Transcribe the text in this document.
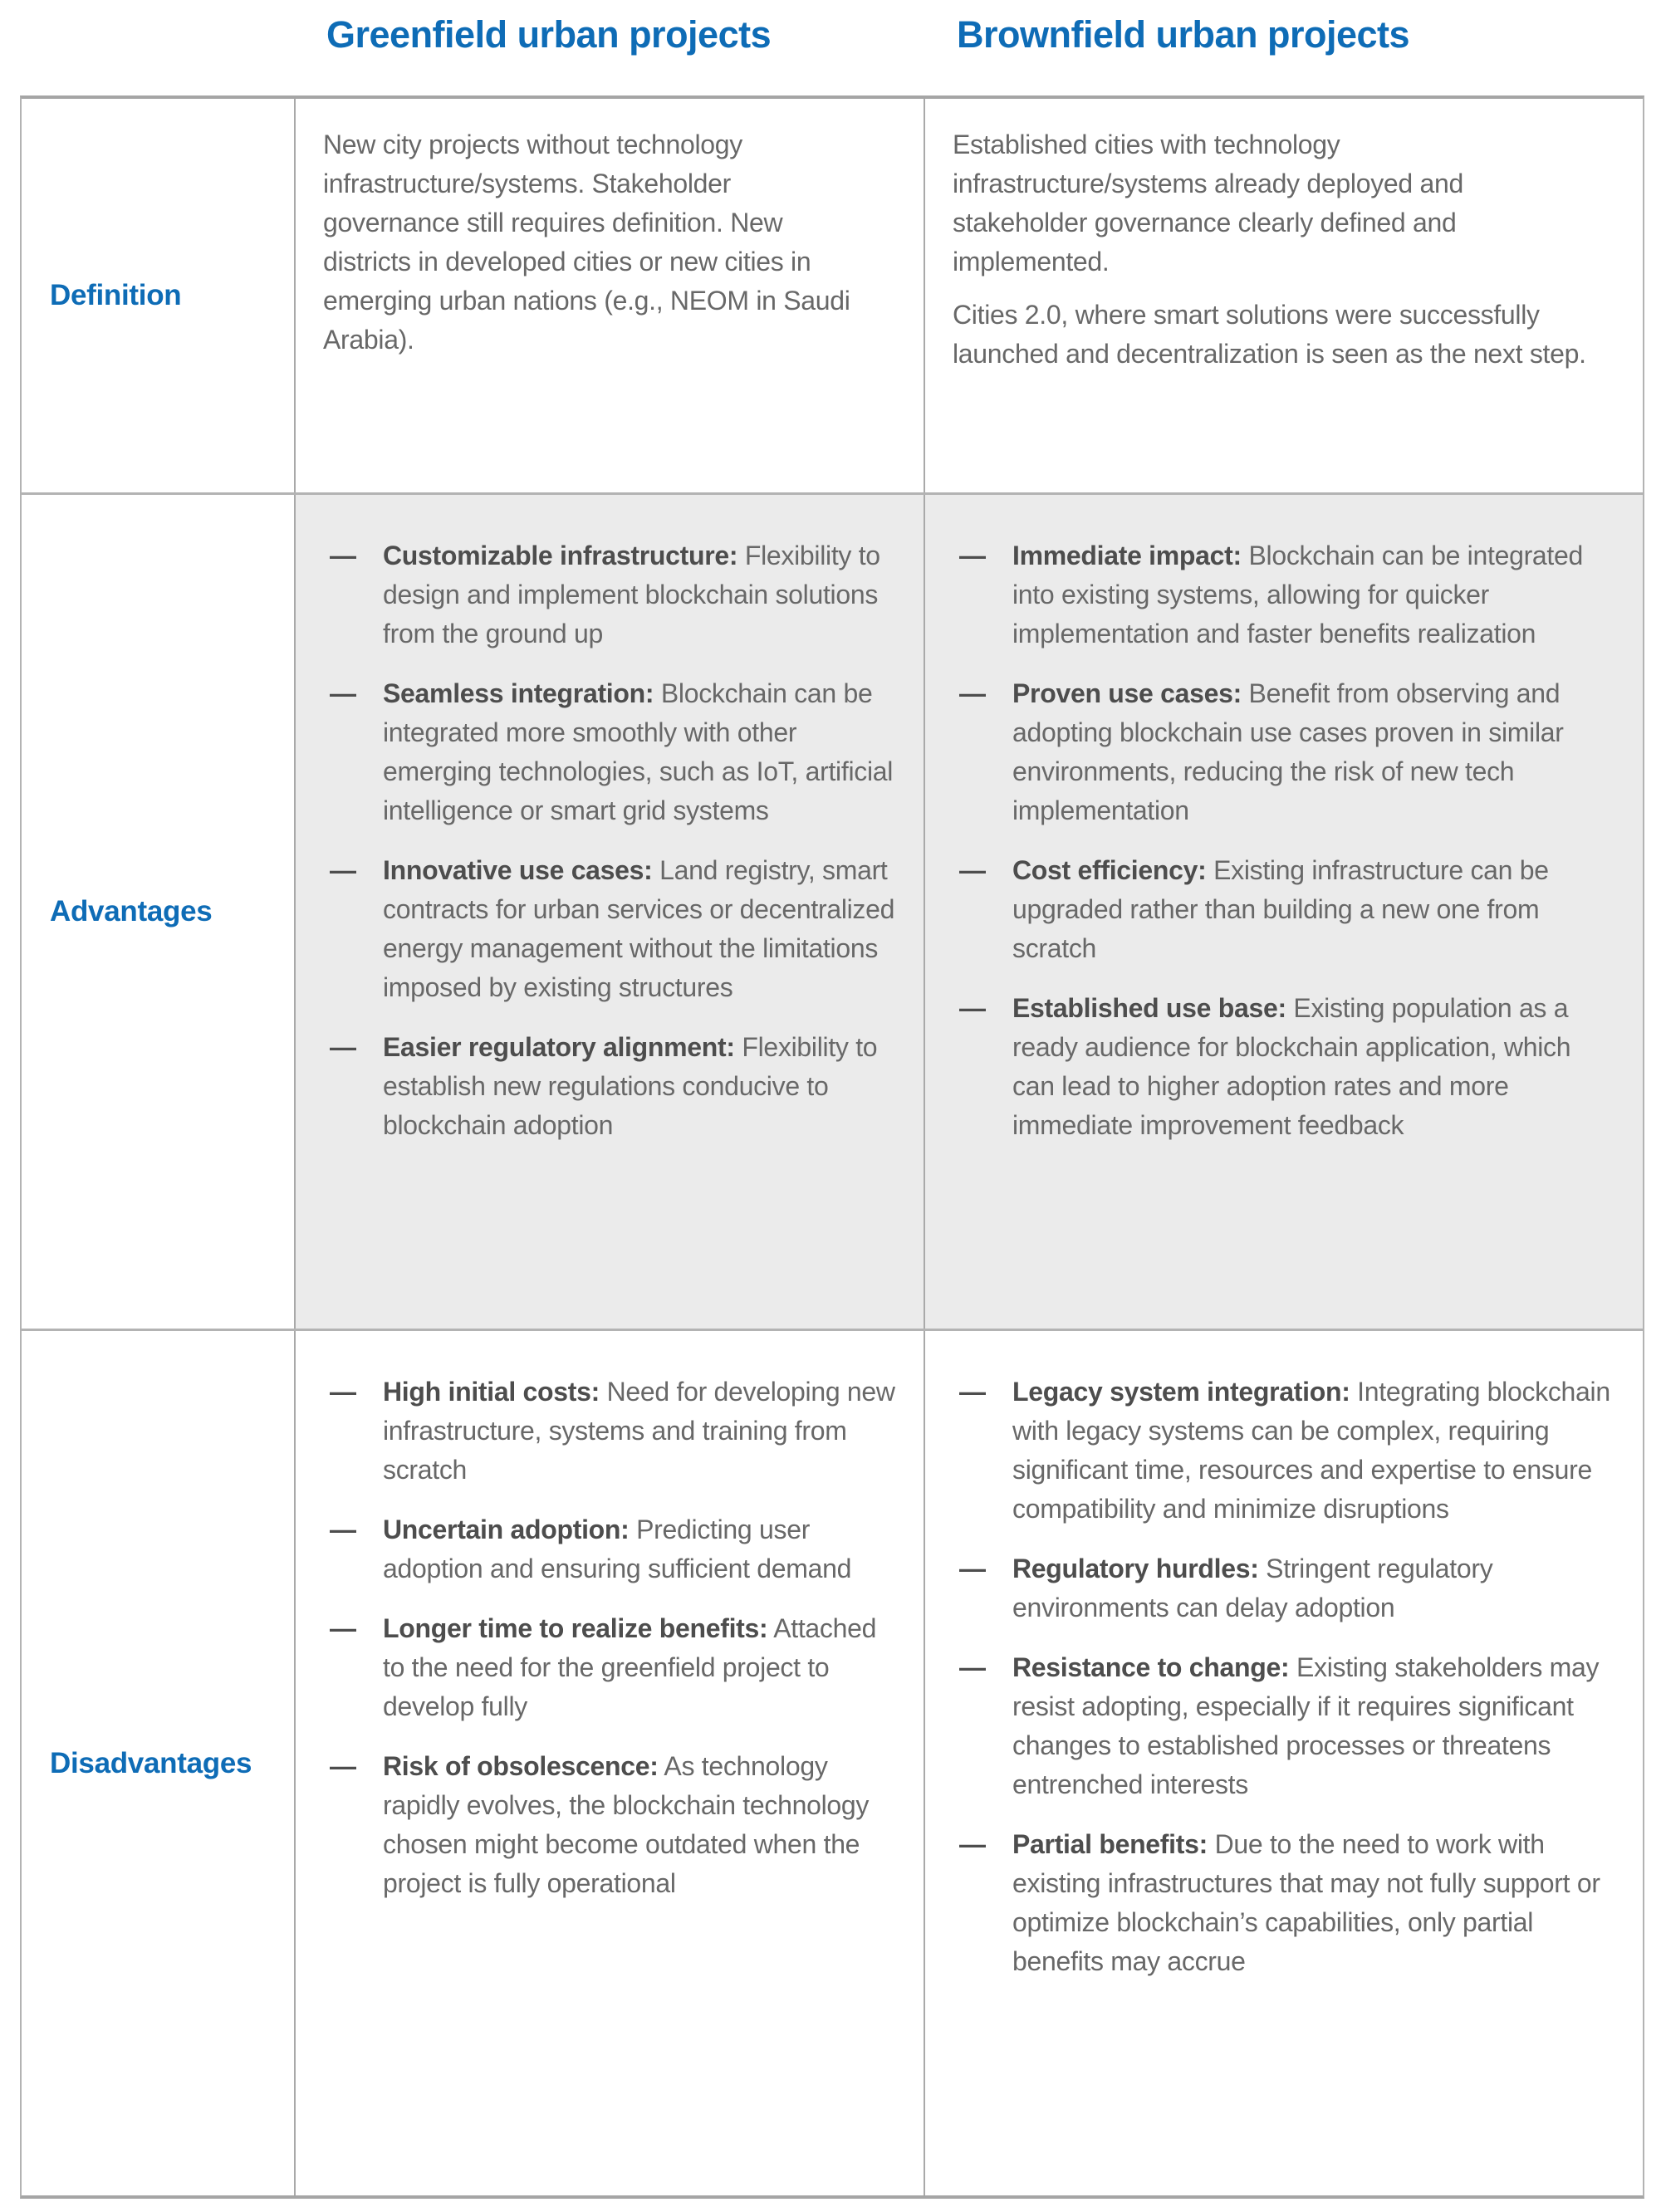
Greenfield urban projects	Brownfield urban projects
Definition

New city projects without technology infrastructure/systems. Stakeholder governance still requires definition. New districts in developed cities or new cities in emerging urban nations (e.g., NEOM in Saudi Arabia).

Established cities with technology infrastructure/systems already deployed and stakeholder governance clearly defined and implemented.

Cities 2.0, where smart solutions were successfully launched and decentralization is seen as the next step.

Advantages
— Customizable infrastructure: Flexibility to design and implement blockchain solutions from the ground up
— Seamless integration: Blockchain can be integrated more smoothly with other emerging technologies, such as IoT, artificial intelligence or smart grid systems
— Innovative use cases: Land registry, smart contracts for urban services or decentralized energy management without the limitations imposed by existing structures
— Easier regulatory alignment: Flexibility to establish new regulations conducive to blockchain adoption
— Immediate impact: Blockchain can be integrated into existing systems, allowing for quicker implementation and faster benefits realization
— Proven use cases: Benefit from observing and adopting blockchain use cases proven in similar environments, reducing the risk of new tech implementation
— Cost efficiency: Existing infrastructure can be upgraded rather than building a new one from scratch
— Established use base: Existing population as a ready audience for blockchain application, which can lead to higher adoption rates and more immediate improvement feedback
Disadvantages
— High initial costs: Need for developing new infrastructure, systems and training from scratch
— Uncertain adoption: Predicting user adoption and ensuring sufficient demand
— Longer time to realize benefits: Attached to the need for the greenfield project to develop fully
— Risk of obsolescence: As technology rapidly evolves, the blockchain technology chosen might become outdated when the project is fully operational
— Legacy system integration: Integrating blockchain with legacy systems can be complex, requiring significant time, resources and expertise to ensure compatibility and minimize disruptions
— Regulatory hurdles: Stringent regulatory environments can delay adoption
— Resistance to change: Existing stakeholders may resist adopting, especially if it requires significant changes to established processes or threatens entrenched interests
— Partial benefits: Due to the need to work with existing infrastructures that may not fully support or optimize blockchain’s capabilities, only partial benefits may accrue
